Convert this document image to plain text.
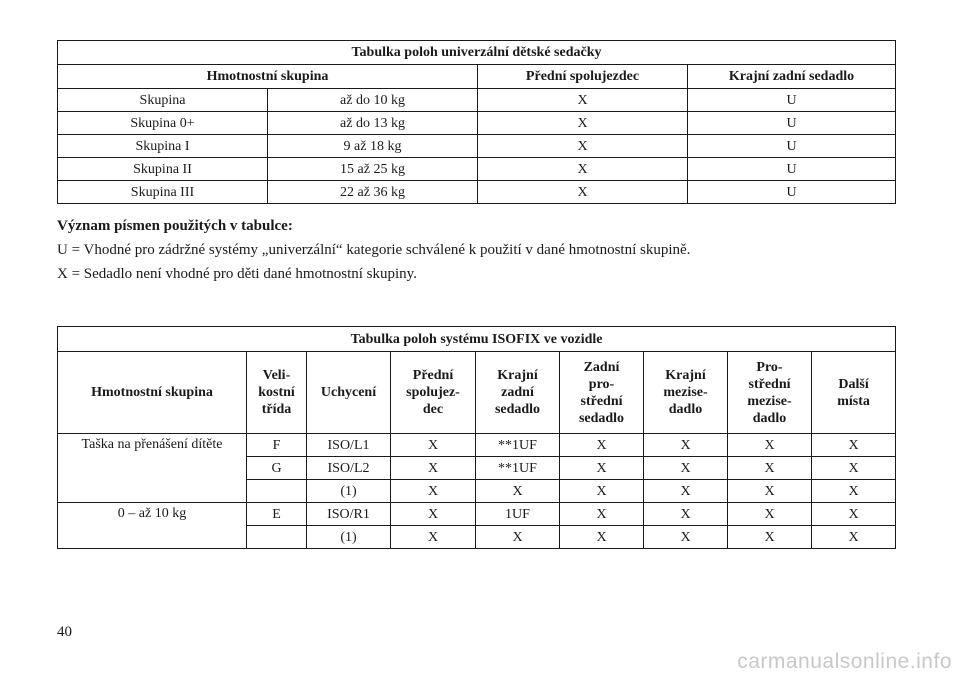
Tabulka poloh univerzální dětské sedačky			
Hmotnostní skupina		Přední spolujezdec	Krajní zadní sedadlo
Skupina	až do 10 kg	X	U
Skupina 0+	až do 13 kg	X	U
Skupina I	9 až 18 kg	X	U
Skupina II	15 až 25 kg	X	U
Skupina III	22 až 36 kg	X	U
Význam písmen použitých v tabulce:
U = Vhodné pro zádržné systémy „univerzální“ kategorie schválené k použití v dané hmotnostní skupině.
X = Sedadlo není vhodné pro děti dané hmotnostní skupiny.
Tabulka poloh systému ISOFIX ve vozidle								
Hmotnostní skupina	Veli-
kostní
třída	Uchycení	Přední
spolujez-
dec	Krajní
zadní
sedadlo	Zadní
pro-
střední
sedadlo	Krajní
mezise-
dadlo	Pro-
střední
mezise-
dadlo	Další
místa
Taška na přenášení dítěte	F	ISO/L1	X	**1UF	X	X	X	X
	G	ISO/L2	X	**1UF	X	X	X	X
		(1)	X	X	X	X	X	X
0 – až 10 kg	E	ISO/R1	X	1UF	X	X	X	X
		(1)	X	X	X	X	X	X
40
carmanualsonline.info
